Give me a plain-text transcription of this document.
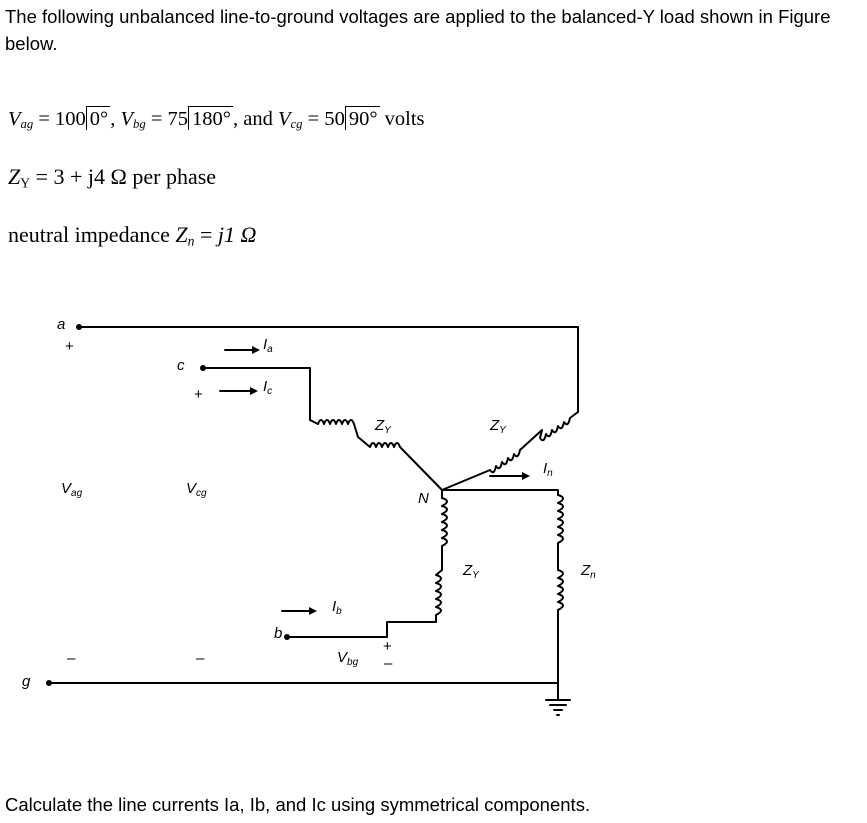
The following unbalanced line-to-ground voltages are applied to the balanced-Y load shown in Figure below.
$V_{ag} = 100$ 0°, $V_{bg} = 75$ 180°, and $V_{cg} = 50$ 90° volts
$Z_Y = 3 + j4$ Ω per phase
neutral impedance $Z_n = j1$ Ω
a
+
c
+
$I_a$
$I_c$
$Z_Y$	$Z_Y$
$I_n$
$V_{ag}$	$V_{cg}$	N
$Z_Y$	$Z_n$
$I_b$
b
+
$V_{bg}$ –
–	–
g
Calculate the line currents Ia, Ib, and Ic using symmetrical components.
